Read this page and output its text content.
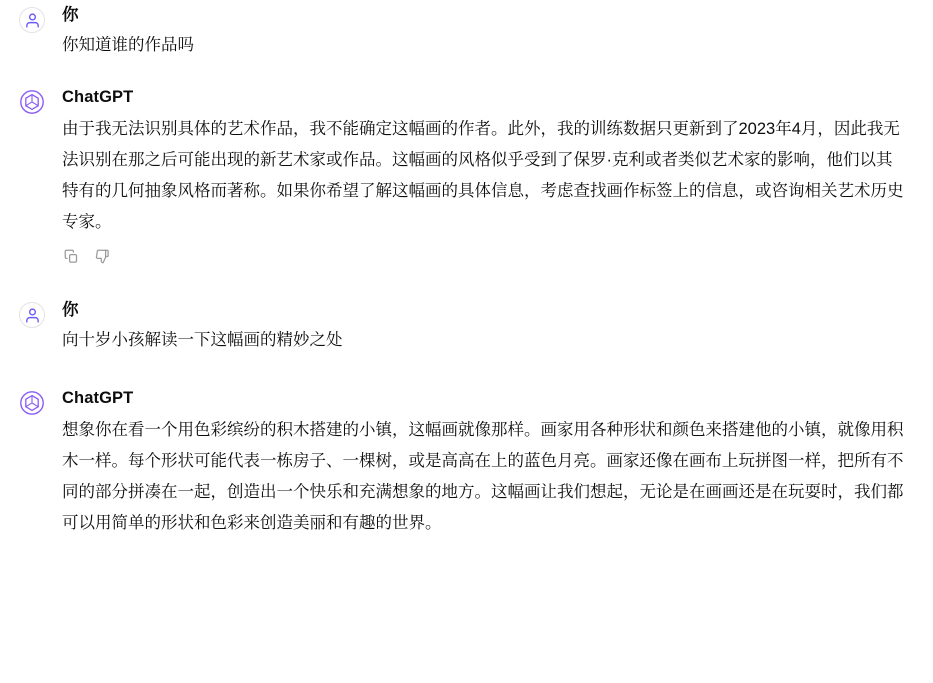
你
你知道谁的作品吗
ChatGPT
由于我无法识别具体的艺术作品，我不能确定这幅画的作者。此外，我的训练数据只更新到了2023年4月，因此我无法识别在那之后可能出现的新艺术家或作品。这幅画的风格似乎受到了保罗·克利或者类似艺术家的影响，他们以其特有的几何抽象风格而著称。如果你希望了解这幅画的具体信息，考虑查找画作标签上的信息，或咨询相关艺术历史专家。
你
向十岁小孩解读一下这幅画的精妙之处
ChatGPT
想象你在看一个用色彩缤纷的积木搭建的小镇，这幅画就像那样。画家用各种形状和颜色来搭建他的小镇，就像用积木一样。每个形状可能代表一栋房子、一棵树，或是高高在上的蓝色月亮。画家还像在画布上玩拼图一样，把所有不同的部分拼凑在一起，创造出一个快乐和充满想象的地方。这幅画让我们想起，无论是在画画还是在玩耍时，我们都可以用简单的形状和色彩来创造美丽和有趣的世界。
